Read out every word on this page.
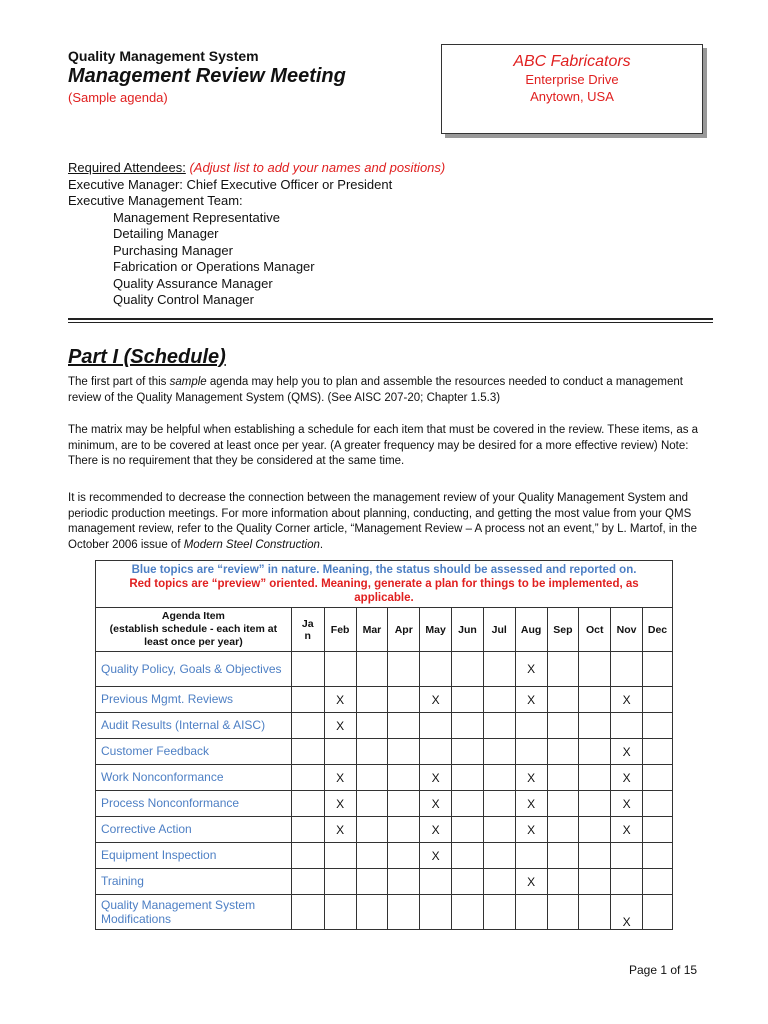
Quality Management System
Management Review Meeting
(Sample agenda)
ABC Fabricators
Enterprise Drive
Anytown, USA
Required Attendees: (Adjust list to add your names and positions)
Executive Manager: Chief Executive Officer or President
Executive Management Team:
Management Representative
Detailing Manager
Purchasing Manager
Fabrication or Operations Manager
Quality Assurance Manager
Quality Control Manager
Part I (Schedule)
The first part of this sample agenda may help you to plan and assemble the resources needed to conduct a management review of the Quality Management System (QMS). (See AISC 207-20; Chapter 1.5.3)
The matrix may be helpful when establishing a schedule for each item that must be covered in the review. These items, as a minimum, are to be covered at least once per year. (A greater frequency may be desired for a more effective review) Note: There is no requirement that they be considered at the same time.
It is recommended to decrease the connection between the management review of your Quality Management System and periodic production meetings. For more information about planning, conducting, and getting the most value from your QMS management review, refer to the Quality Corner article, “Management Review – A process not an event,” by L. Martof, in the October 2006 issue of Modern Steel Construction.
Blue topics are “review” in nature. Meaning, the status should be assessed and reported on.
Red topics are “preview” oriented. Meaning, generate a plan for things to be implemented, as applicable.												

Agenda Item
(establish schedule - each item at least once per year)	Ja n	Feb	Mar	Apr	May	Jun	Jul	Aug	Sep	Oct	Nov	Dec
Quality Policy, Goals & Objectives								X				
Previous Mgmt. Reviews		X			X			X			X	
Audit Results (Internal & AISC)		X										
Customer Feedback											X	
Work Nonconformance		X			X			X			X	
Process Nonconformance		X			X			X			X	
Corrective Action		X			X			X			X	
Equipment Inspection					X							
Training								X				
Quality Management System Modifications											X	
Page 1 of 15
